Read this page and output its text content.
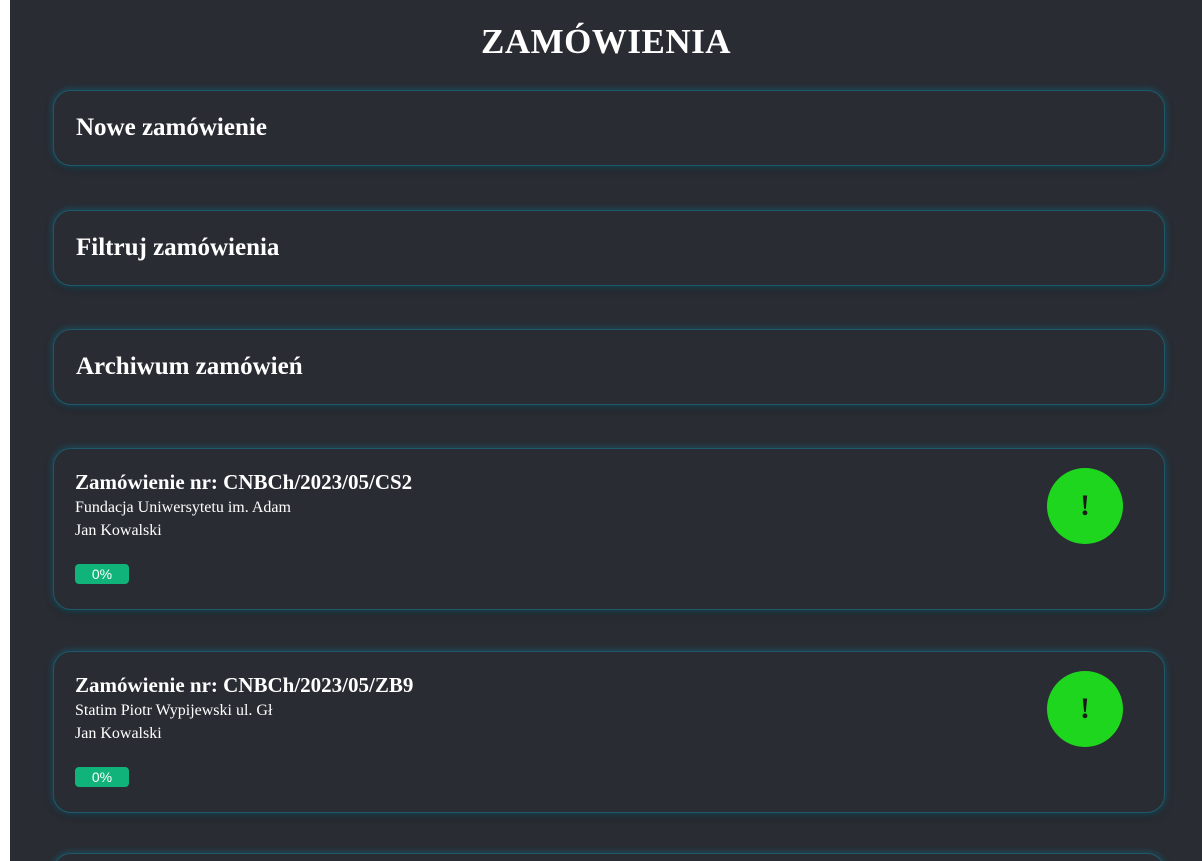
ZAMÓWIENIA
Nowe zamówienie
Filtruj zamówienia
Archiwum zamówień
Zamówienie nr: CNBCh/2023/05/CS2
Fundacja Uniwersytetu im. Adam
Jan Kowalski
0%
!
Zamówienie nr: CNBCh/2023/05/ZB9
Statim Piotr Wypijewski ul. Gł
Jan Kowalski
0%
!
